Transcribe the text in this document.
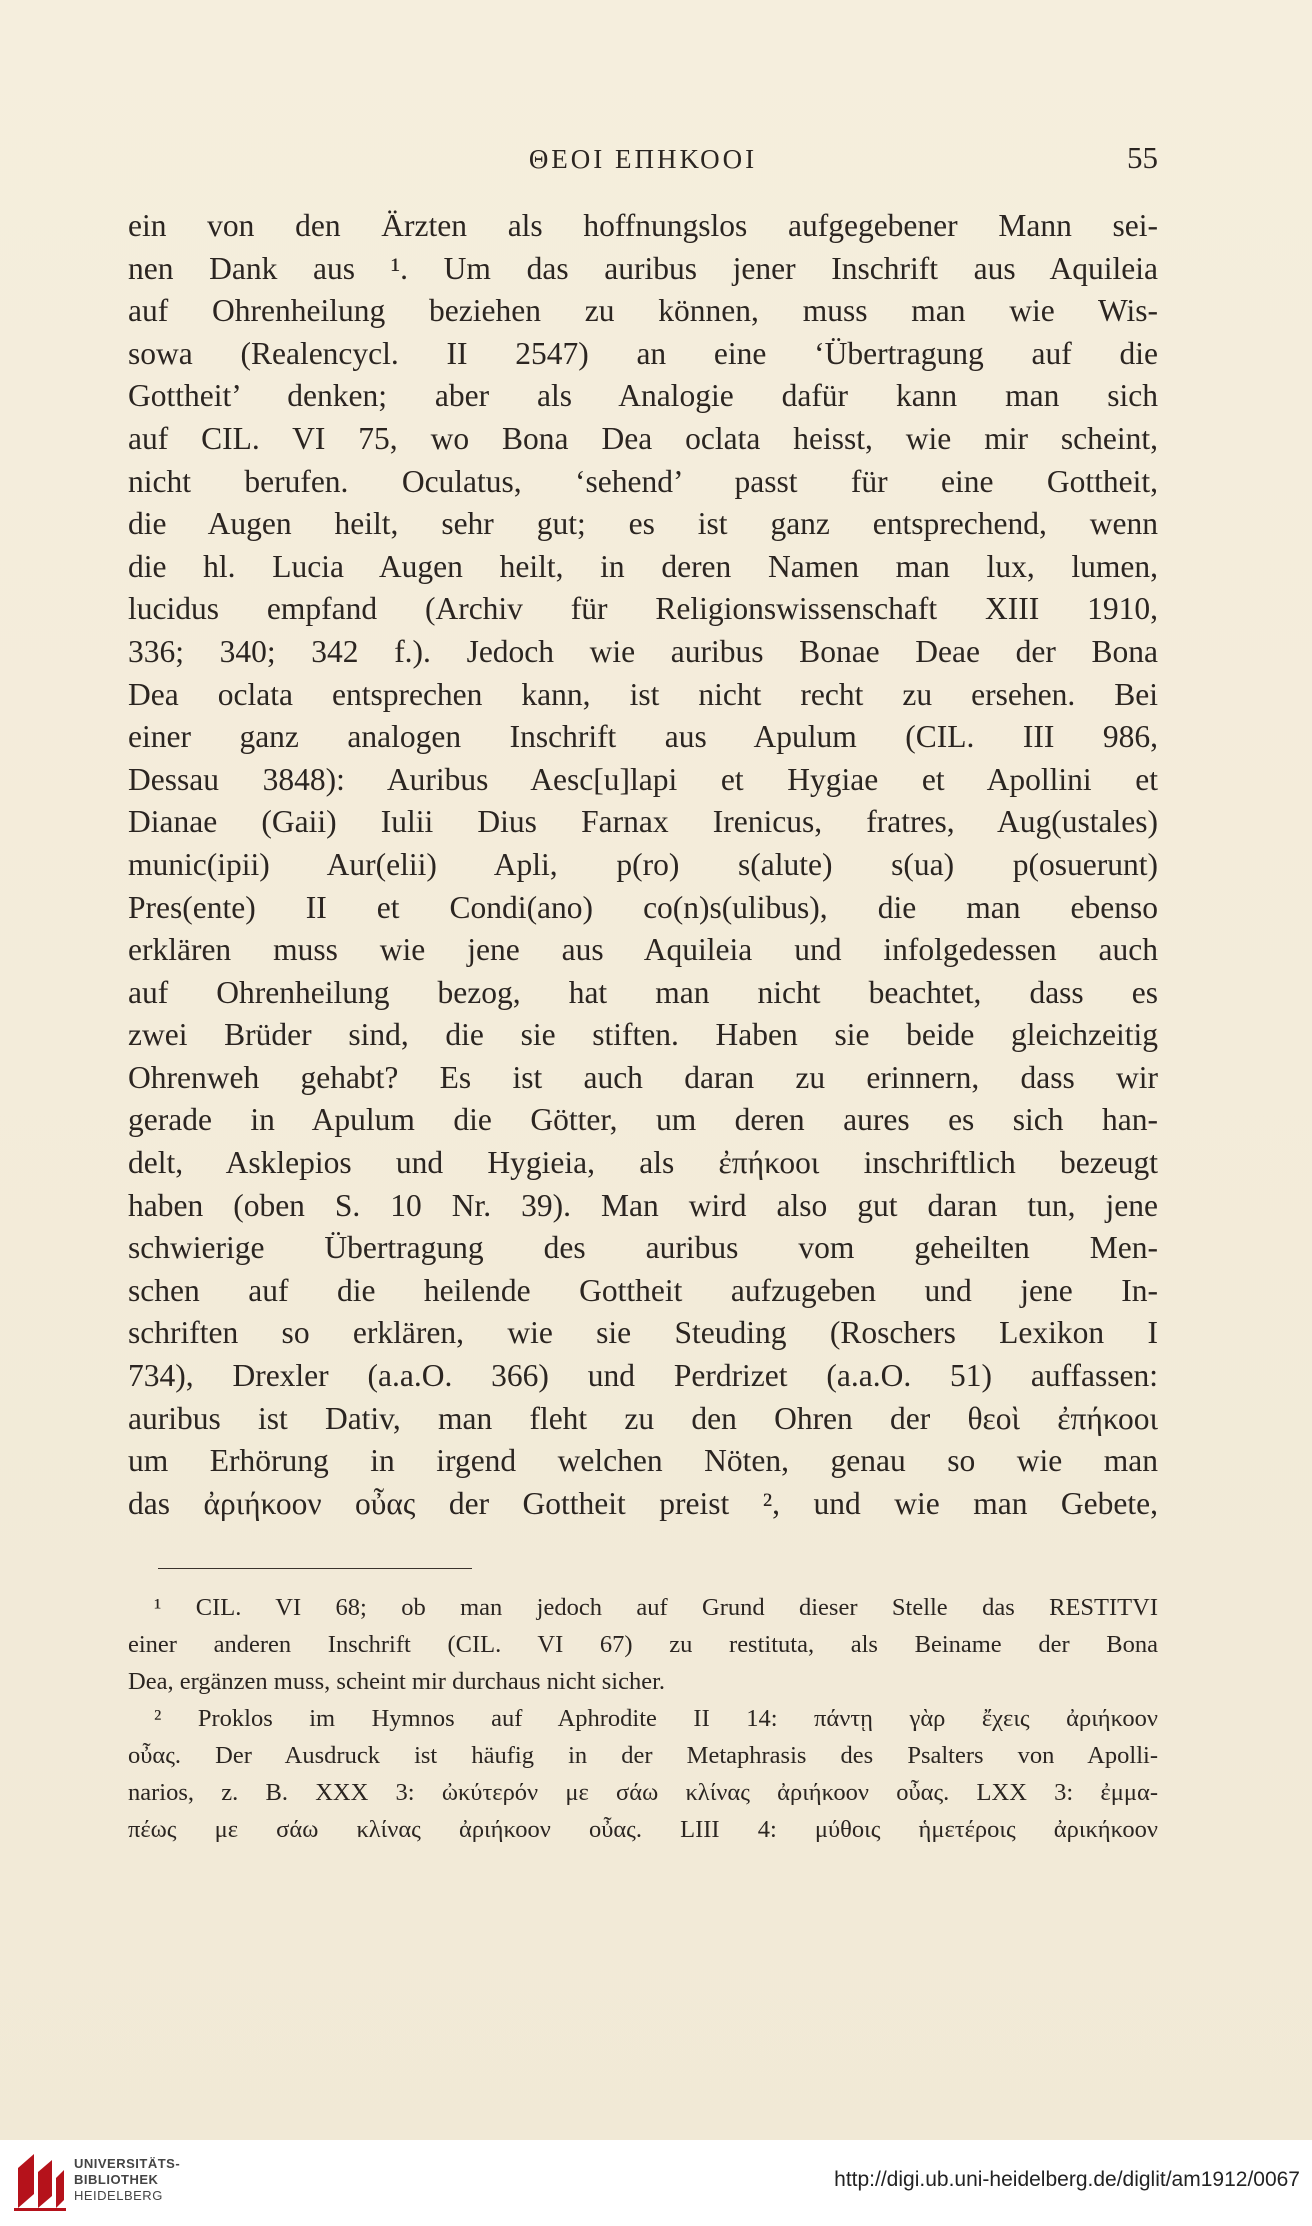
ΘΕΟΙ ΕΠΗΚΟΟΙ	55
ein von den Ärzten als hoffnungslos aufgegebener Mann sei-
nen Dank aus ¹. Um das auribus jener Inschrift aus Aquileia
auf Ohrenheilung beziehen zu können, muss man wie Wis-
sowa (Realencycl. II 2547) an eine ‘Übertragung auf die
Gottheit’ denken; aber als Analogie dafür kann man sich
auf CIL. VI 75, wo Bona Dea oclata heisst, wie mir scheint,
nicht berufen. Oculatus, ‘sehend’ passt für eine Gottheit,
die Augen heilt, sehr gut; es ist ganz entsprechend, wenn
die hl. Lucia Augen heilt, in deren Namen man lux, lumen,
lucidus empfand (Archiv für Religionswissenschaft XIII 1910,
336; 340; 342 f.). Jedoch wie auribus Bonae Deae der Bona
Dea oclata entsprechen kann, ist nicht recht zu ersehen. Bei
einer ganz analogen Inschrift aus Apulum (CIL. III 986,
Dessau 3848): Auribus Aesc[u]lapi et Hygiae et Apollini et
Dianae (Gaii) Iulii Dius Farnax Irenicus, fratres, Aug(ustales)
munic(ipii) Aur(elii) Apli, p(ro) s(alute) s(ua) p(osuerunt)
Pres(ente) II et Condi(ano) co(n)s(ulibus), die man ebenso
erklären muss wie jene aus Aquileia und infolgedessen auch
auf Ohrenheilung bezog, hat man nicht beachtet, dass es
zwei Brüder sind, die sie stiften. Haben sie beide gleichzeitig
Ohrenweh gehabt? Es ist auch daran zu erinnern, dass wir
gerade in Apulum die Götter, um deren aures es sich han-
delt, Asklepios und Hygieia, als ἐπήκοοι inschriftlich bezeugt
haben (oben S. 10 Nr. 39). Man wird also gut daran tun, jene
schwierige Übertragung des auribus vom geheilten Men-
schen auf die heilende Gottheit aufzugeben und jene In-
schriften so erklären, wie sie Steuding (Roschers Lexikon I
734), Drexler (a.a.O. 366) und Perdrizet (a.a.O. 51) auffassen:
auribus ist Dativ, man fleht zu den Ohren der θεοὶ ἐπήκοοι
um Erhörung in irgend welchen Nöten, genau so wie man
das ἀριήκοον οὖας der Gottheit preist ², und wie man Gebete,
¹ CIL. VI 68; ob man jedoch auf Grund dieser Stelle das RESTITVI
einer anderen Inschrift (CIL. VI 67) zu restituta, als Beiname der Bona
Dea, ergänzen muss, scheint mir durchaus nicht sicher.
² Proklos im Hymnos auf Aphrodite II 14: πάντῃ γὰρ ἔχεις ἀριήκοον
οὖας. Der Ausdruck ist häufig in der Metaphrasis des Psalters von Apolli-
narios, z. B. XXX 3: ὠκύτερόν με σάω κλίνας ἀριήκοον οὖας. LXX 3: ἐμμα-
πέως με σάω κλίνας ἀριήκοον οὖας. LIII 4: μύθοις ἡμετέροις ἀρικήκοον
UNIVERSITÄTS-
BIBLIOTHEK
HEIDELBERG
http://digi.ub.uni-heidelberg.de/diglit/am1912/0067
